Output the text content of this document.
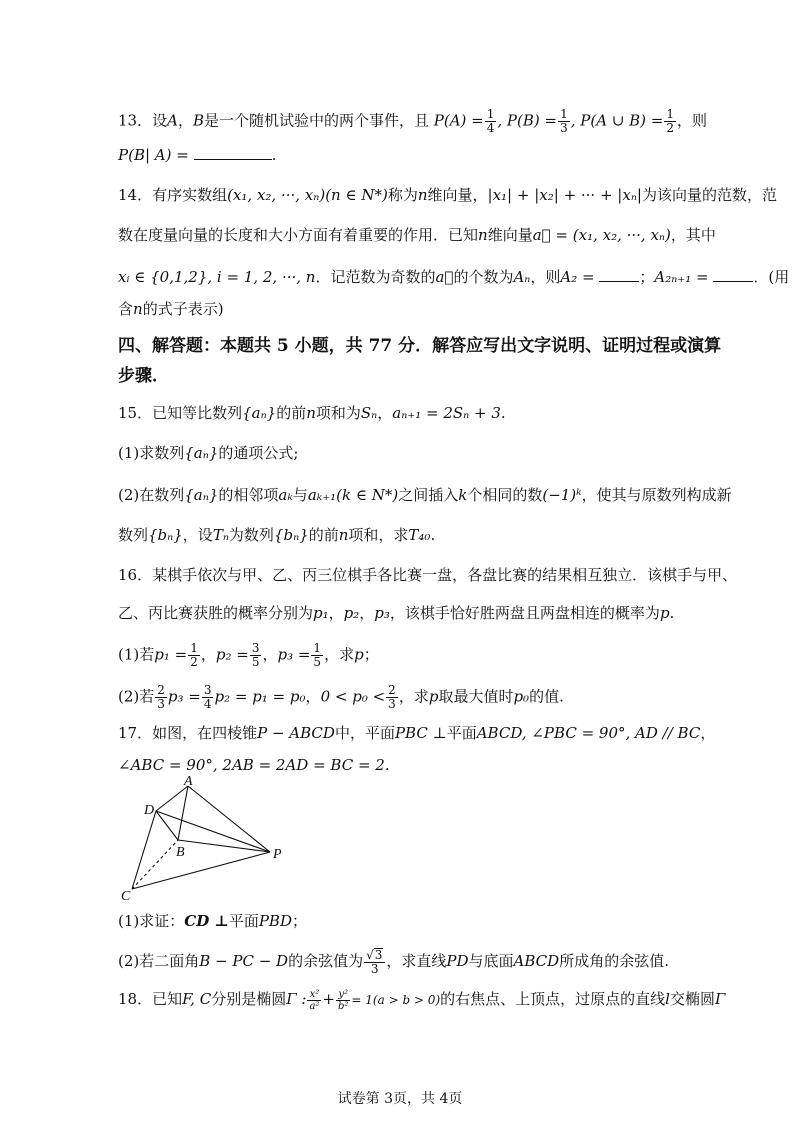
13．设A，B是一个随机试验中的两个事件，且 $P(A) = \frac{1}{4}$ , $P(B) = \frac{1}{3}$ , P(A ∪ $B) = \frac{1}{2}$ ，则
P(B| A) =	.
14．有序实数组(x₁, x₂, ···, xₙ)(n ∈ N*)称为n维向量，|x₁| + |x₂| + ··· + |xₙ|为该向量的范数，范
数在度量向量的长度和大小方面有着重要的作用．已知n维向量a⃗ = (x₁, x₂, ···, xₙ)，其中
xᵢ ∈ {0,1,2}, i = 1, 2, ···, n．记范数为奇数的a⃗的个数为Aₙ，则A₂ =	；A₂ₙ₊₁ =	．(用
含n的式子表示)
四、解答题：本题共 5 小题，共 77 分．解答应写出文字说明、证明过程或演算
步骤．
15．已知等比数列{aₙ}的前n项和为Sₙ，aₙ₊₁ = 2Sₙ + 3.
(1)求数列{aₙ}的通项公式;
(2)在数列{aₙ}的相邻项aₖ与aₖ₊₁(k ∈ N*)之间插入k个相同的数(−1)ᵏ，使其与原数列构成新
数列{bₙ}，设Tₙ为数列{bₙ}的前n项和，求T₄₀.
16．某棋手依次与甲、乙、丙三位棋手各比赛一盘，各盘比赛的结果相互独立．该棋手与甲、
乙、丙比赛获胜的概率分别为p₁，p₂，p₃，该棋手恰好胜两盘且两盘相连的概率为p.
(1)若$p_1 = \frac{1}{2}$ ，$p_2 = \frac{3}{5}$ ，$p_3 = \frac{1}{5}$ ，求p；
(2)若 $\frac{2}{3} p_3 = \frac{3}{4} p_2 = p_1 = p_0$，$0 < p_0 < \frac{2}{3}$ ，求p取最大值时p₀的值.
17．如图，在四棱锥P − ABCD中，平面PBC ⊥平面ABCD, ∠PBC = 90°, AD // BC，
∠ABC = 90°, 2AB = 2AD = BC = 2.
A
D
B	P
C
(1)求证：CD ⊥平面PBD；
(2)若二面角B − PC − D的余弦值为 $\frac{√3}{3}$ ，求直线PD与底面ABCD所成角的余弦值.
18．已知F, C分别是椭圆Γ : $\frac{\text{x²}}{\text{a²}} + \frac{\text{y²}}{\text{b²}} = 1(a > b > 0)$的右焦点、上顶点，过原点的直线l交椭圆Γ
试卷第 3页，共 4页
